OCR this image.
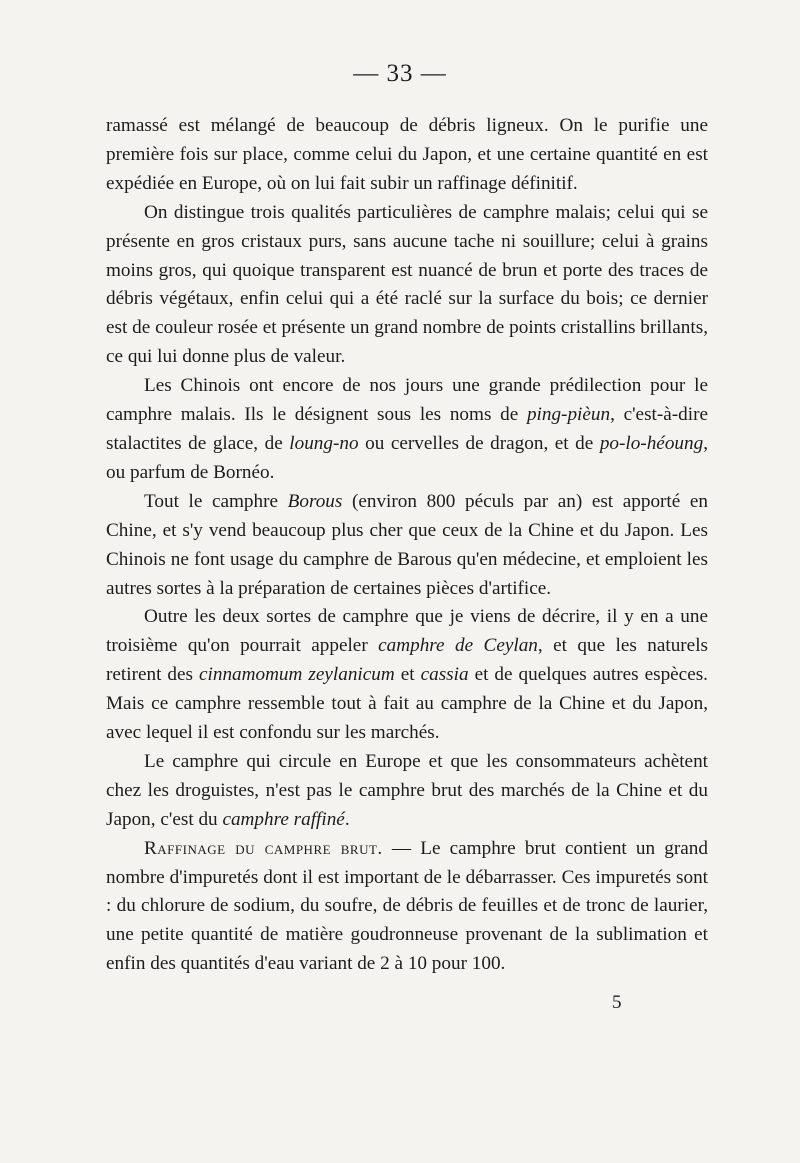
— 33 —

ramassé est mélangé de beaucoup de débris ligneux. On le purifie une première fois sur place, comme celui du Japon, et une certaine quantité en est expédiée en Europe, où on lui fait subir un raffinage définitif.

On distingue trois qualités particulières de camphre malais; celui qui se présente en gros cristaux purs, sans aucune tache ni souillure; celui à grains moins gros, qui quoique transparent est nuancé de brun et porte des traces de débris végétaux, enfin celui qui a été raclé sur la surface du bois; ce dernier est de couleur rosée et présente un grand nombre de points cristallins brillants, ce qui lui donne plus de valeur.

Les Chinois ont encore de nos jours une grande prédilection pour le camphre malais. Ils le désignent sous les noms de ping-pièun, c'est-à-dire stalactites de glace, de loung-no ou cervelles de dragon, et de po-lo-héoung, ou parfum de Bornéo.

Tout le camphre Borous (environ 800 péculs par an) est apporté en Chine, et s'y vend beaucoup plus cher que ceux de la Chine et du Japon. Les Chinois ne font usage du camphre de Barous qu'en médecine, et emploient les autres sortes à la préparation de certaines pièces d'artifice.

Outre les deux sortes de camphre que je viens de décrire, il y en a une troisième qu'on pourrait appeler camphre de Ceylan, et que les naturels retirent des cinnamomum zeylanicum et cassia et de quelques autres espèces. Mais ce camphre ressemble tout à fait au camphre de la Chine et du Japon, avec lequel il est confondu sur les marchés.

Le camphre qui circule en Europe et que les consommateurs achètent chez les droguistes, n'est pas le camphre brut des marchés de la Chine et du Japon, c'est du camphre raffiné.

Raffinage du camphre brut. — Le camphre brut contient un grand nombre d'impuretés dont il est important de le débarrasser. Ces impuretés sont : du chlorure de sodium, du soufre, de débris de feuilles et de tronc de laurier, une petite quantité de matière goudronneuse provenant de la sublimation et enfin des quantités d'eau variant de 2 à 10 pour 100.

5
